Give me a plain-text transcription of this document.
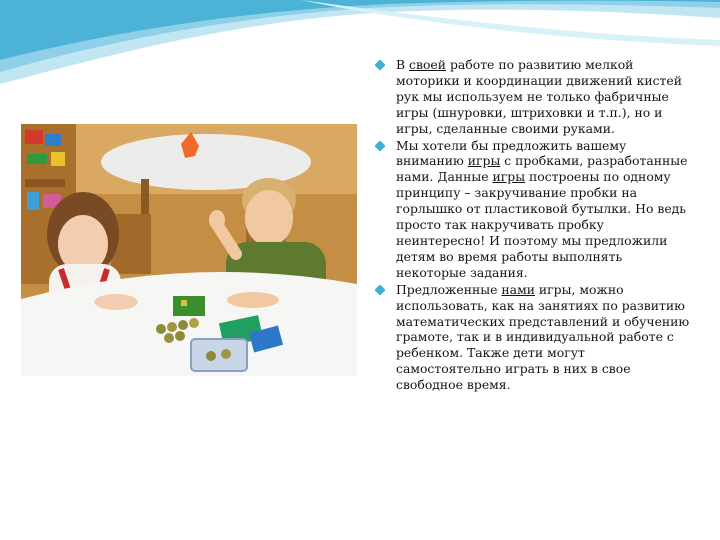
В своей работе по развитию мелкой моторики и координации движений кистей рук мы используем не только фабричные игры (шнуровки, штриховки и т.п.), но и игры, сделанные своими руками.
Мы хотели бы предложить вашему вниманию игры с пробками, разработанные нами. Данные игры построены по одному принципу – закручивание пробки на горлышко от пластиковой бутылки. Но ведь просто так накручивать пробку неинтересно! И поэтому мы предложили детям во время работы выполнять некоторые задания.
Предложенные нами игры, можно использовать, как на занятиях по развитию математических представлений и обучению грамоте, так и в индивидуальной работе с ребенком. Также дети могут самостоятельно играть в них в свое свободное время.
